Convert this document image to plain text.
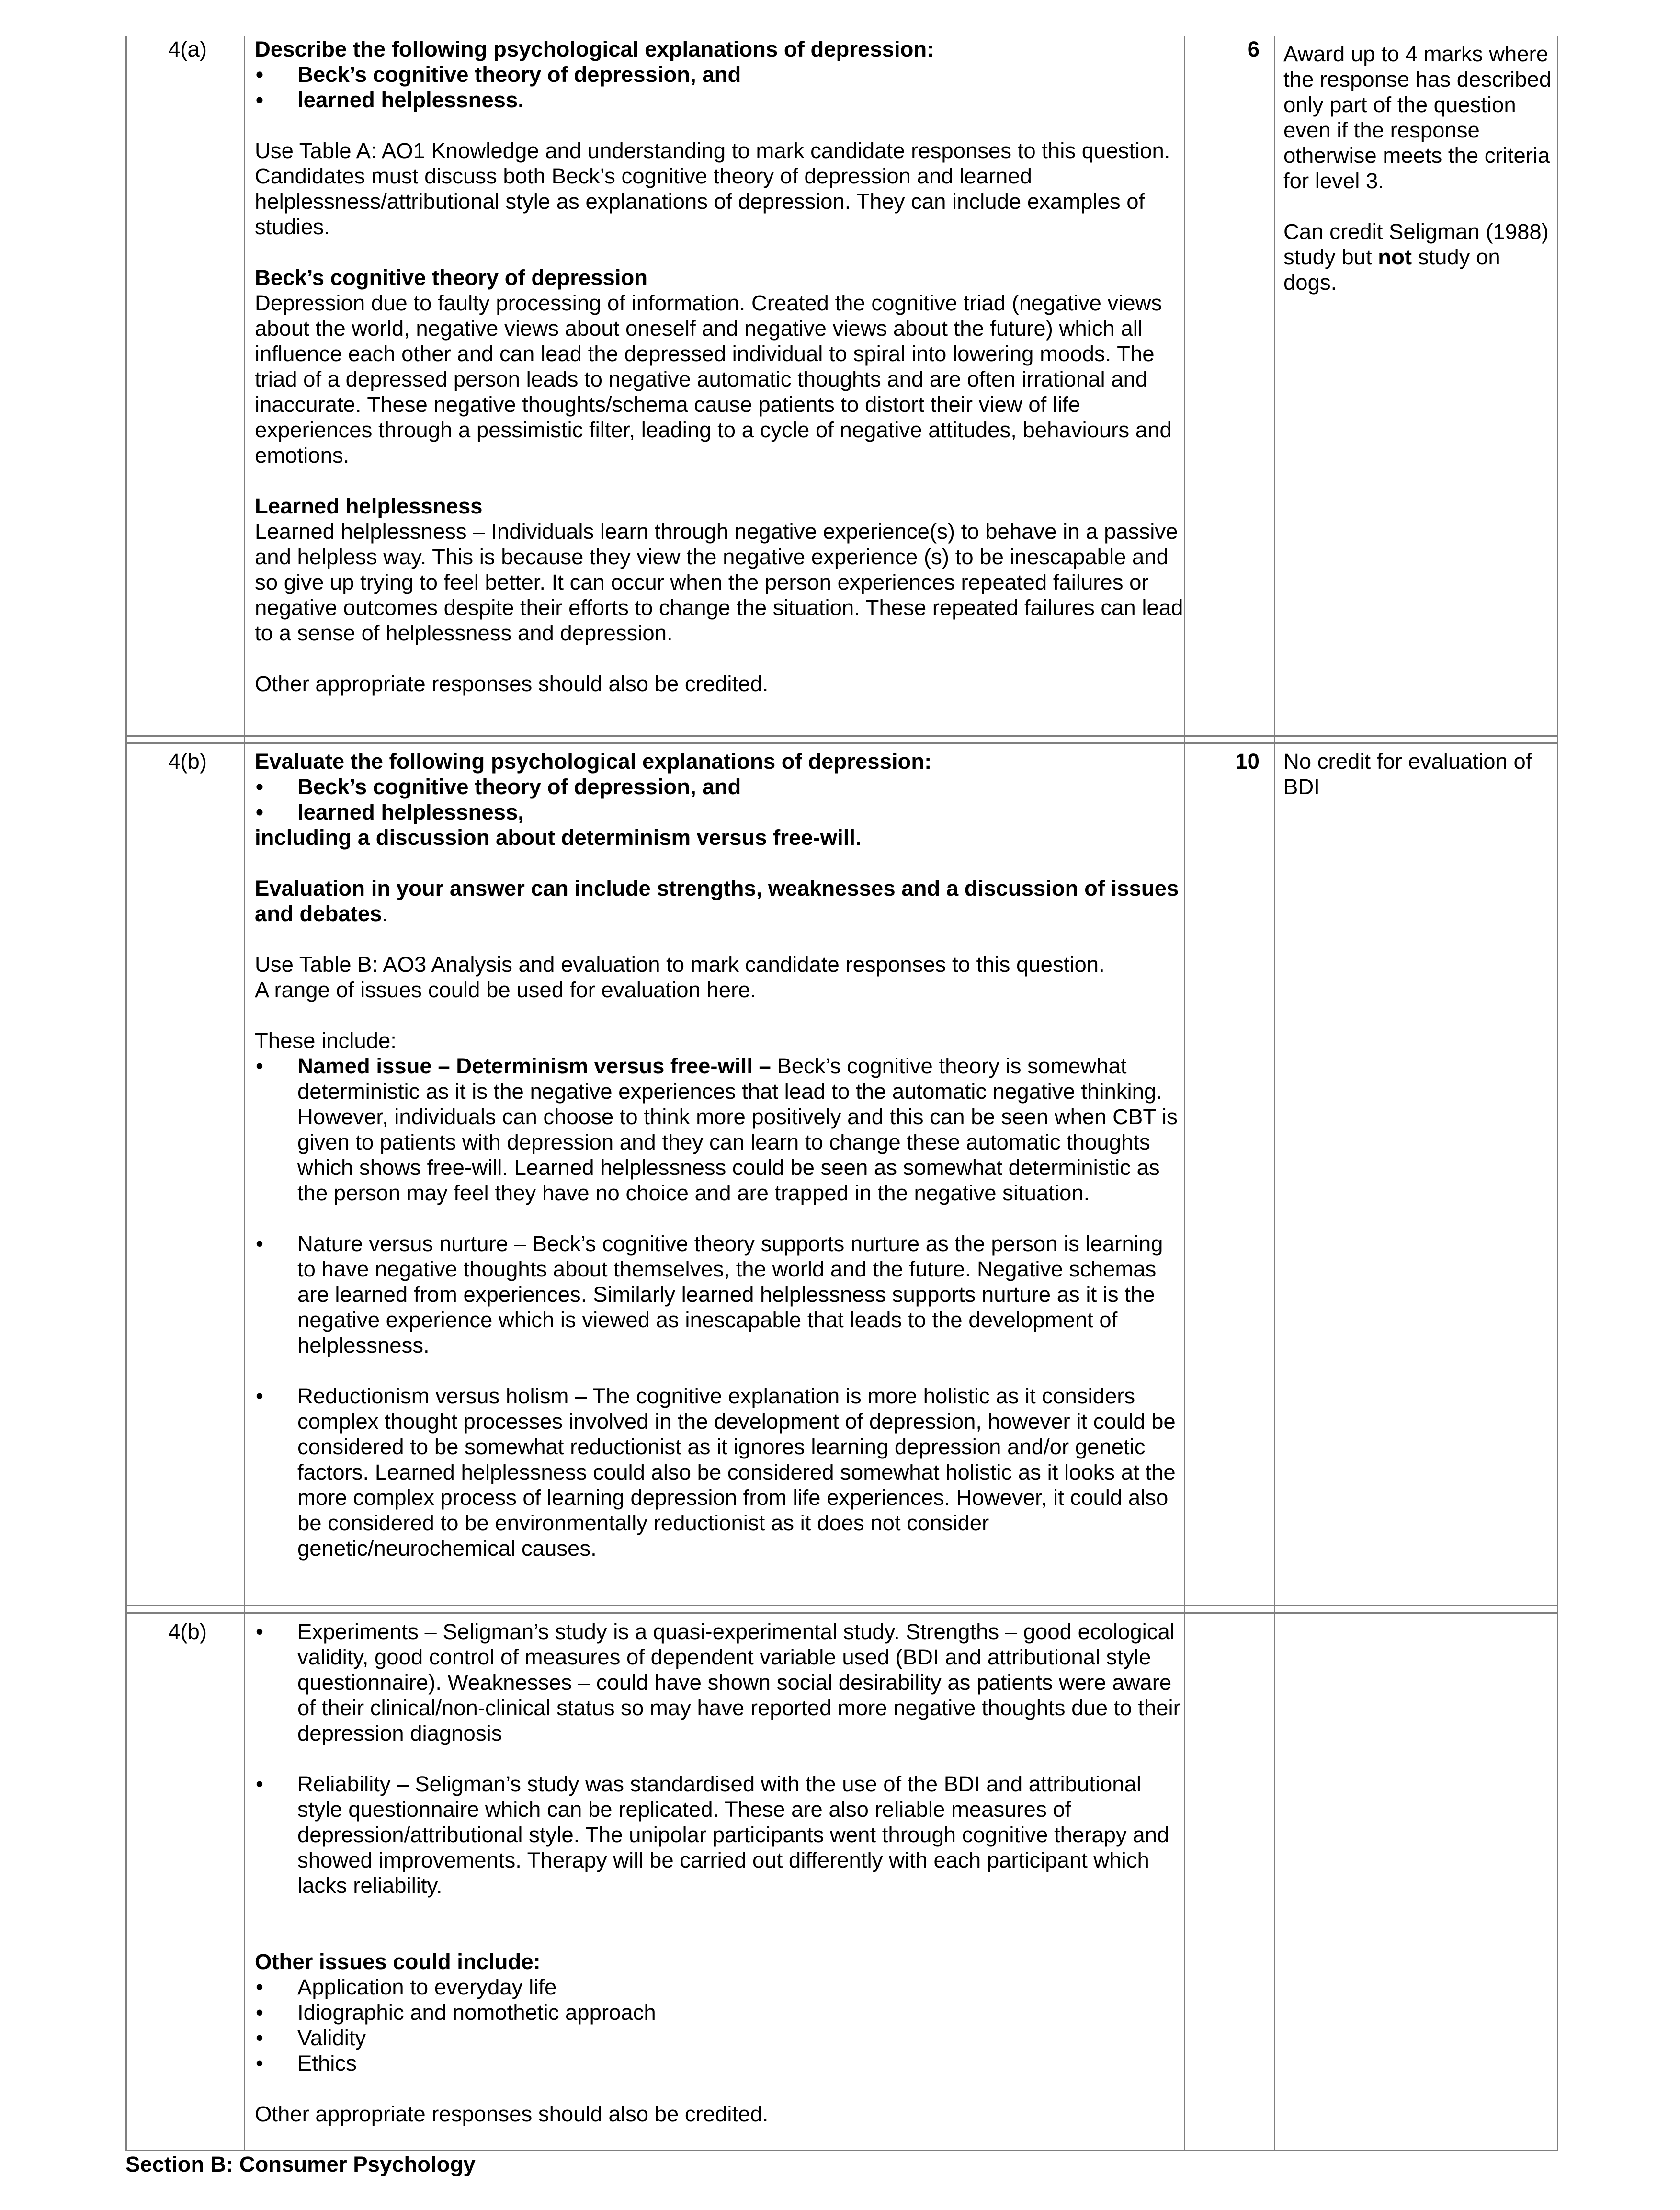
4(a)	6

Describe the following psychological explanations of depression:

• Beck’s cognitive theory of depression, and
• learned helplessness.

Use Table A: AO1 Knowledge and understanding to mark candidate responses to this question.

Candidates must discuss both Beck’s cognitive theory of depression and learned helplessness/attributional style as explanations of depression. They can include examples of studies.

Beck’s cognitive theory of depression

Depression due to faulty processing of information. Created the cognitive triad (negative views about the world, negative views about oneself and negative views about the future) which all influence each other and can lead the depressed individual to spiral into lowering moods. The triad of a depressed person leads to negative automatic thoughts and are often irrational and inaccurate. These negative thoughts/schema cause patients to distort their view of life experiences through a pessimistic filter, leading to a cycle of negative attitudes, behaviours and emotions.

Learned helplessness

Learned helplessness – Individuals learn through negative experience(s) to behave in a passive and helpless way. This is because they view the negative experience (s) to be inescapable and so give up trying to feel better. It can occur when the person experiences repeated failures or negative outcomes despite their efforts to change the situation. These repeated failures can lead to a sense of helplessness and depression.

Other appropriate responses should also be credited.

Award up to 4 marks where the response has described only part of the question even if the response otherwise meets the criteria for level 3.

Can credit Seligman (1988) study but not study on dogs.

4(b)	10

Evaluate the following psychological explanations of depression:

• Beck’s cognitive theory of depression, and
• learned helplessness,

including a discussion about determinism versus free-will.

Evaluation in your answer can include strengths, weaknesses and a discussion of issues and debates.

Use Table B: AO3 Analysis and evaluation to mark candidate responses to this question.

A range of issues could be used for evaluation here.

These include:

• Named issue – Determinism versus free-will – Beck’s cognitive theory is somewhat deterministic as it is the negative experiences that lead to the automatic negative thinking. However, individuals can choose to think more positively and this can be seen when CBT is given to patients with depression and they can learn to change these automatic thoughts which shows free-will. Learned helplessness could be seen as somewhat deterministic as the person may feel they have no choice and are trapped in the negative situation.
• Nature versus nurture – Beck’s cognitive theory supports nurture as the person is learning to have negative thoughts about themselves, the world and the future. Negative schemas are learned from experiences. Similarly learned helplessness supports nurture as it is the negative experience which is viewed as inescapable that leads to the development of helplessness.
• Reductionism versus holism – The cognitive explanation is more holistic as it considers complex thought processes involved in the development of depression, however it could be considered to be somewhat reductionist as it ignores learning depression and/or genetic factors. Learned helplessness could also be considered somewhat holistic as it looks at the more complex process of learning depression from life experiences. However, it could also be considered to be environmentally reductionist as it does not consider genetic/neurochemical causes.

No credit for evaluation of BDI

4(b)
•	Experiments – Seligman’s study is a quasi-experimental study. Strengths – good ecological validity, good control of measures of dependent variable used (BDI and attributional style questionnaire). Weaknesses – could have shown social desirability as patients were aware of their clinical/non-clinical status so may have reported more negative thoughts due to their depression diagnosis
• Reliability – Seligman’s study was standardised with the use of the BDI and attributional style questionnaire which can be replicated. These are also reliable measures of depression/attributional style. The unipolar participants went through cognitive therapy and showed improvements. Therapy will be carried out differently with each participant which lacks reliability.

Other issues could include:

• Application to everyday life
• Idiographic and nomothetic approach
• Validity
• Ethics

Other appropriate responses should also be credited.

Section B: Consumer Psychology
